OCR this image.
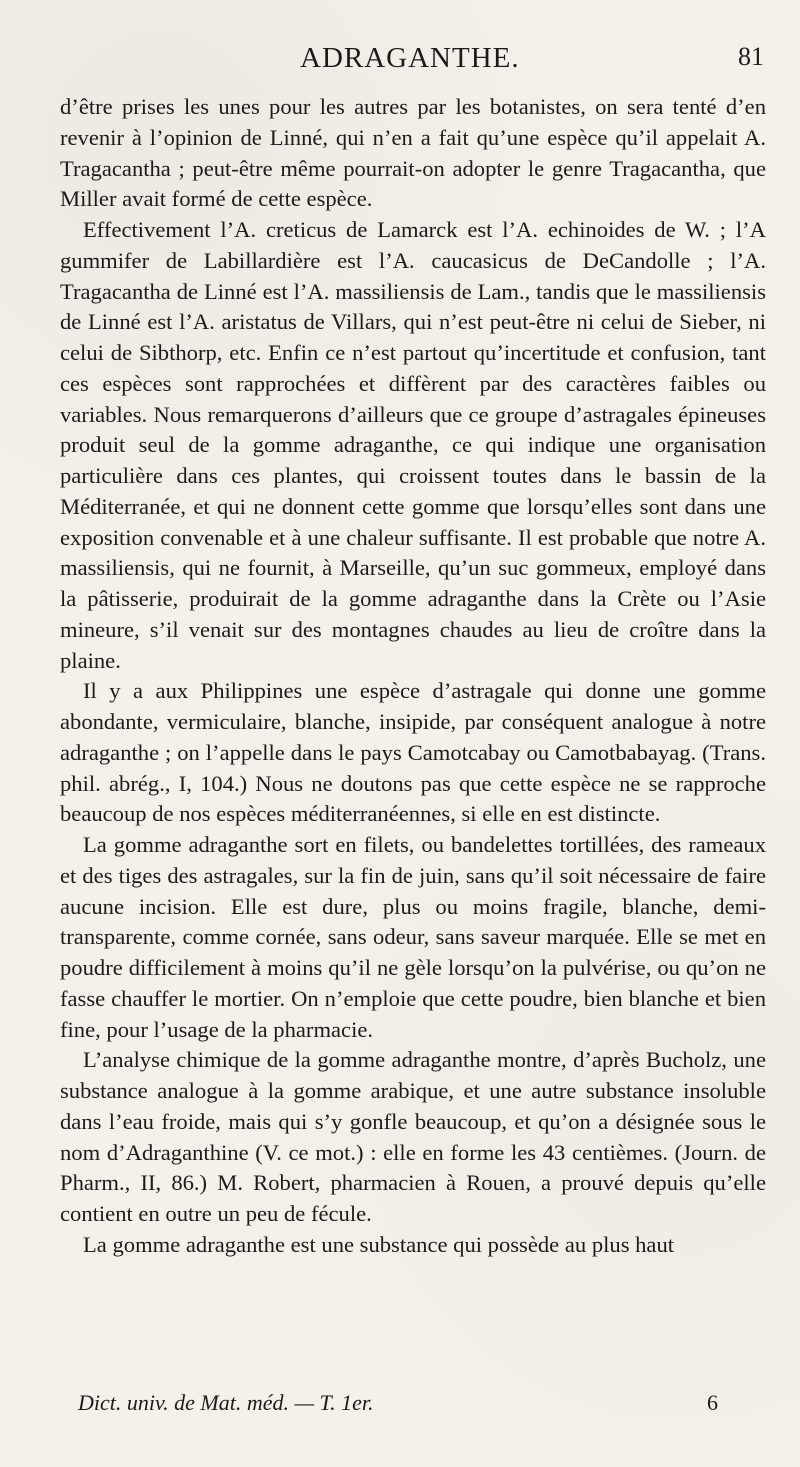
ADRAGANTHE.	81

d’être prises les unes pour les autres par les botanistes, on sera tenté d’en revenir à l’opinion de Linné, qui n’en a fait qu’une espèce qu’il appelait A. Tragacantha ; peut-être même pourrait-on adopter le genre Tragacantha, que Miller avait formé de cette espèce.

Effectivement l’A. creticus de Lamarck est l’A. echinoides de W. ; l’A gummifer de Labillardière est l’A. caucasicus de DeCandolle ; l’A. Tragacantha de Linné est l’A. massiliensis de Lam., tandis que le massiliensis de Linné est l’A. aristatus de Villars, qui n’est peut-être ni celui de Sieber, ni celui de Sibthorp, etc. Enfin ce n’est partout qu’incertitude et confusion, tant ces espèces sont rapprochées et diffèrent par des caractères faibles ou variables. Nous remarquerons d’ailleurs que ce groupe d’astragales épineuses produit seul de la gomme adraganthe, ce qui indique une organisation particulière dans ces plantes, qui croissent toutes dans le bassin de la Méditerranée, et qui ne donnent cette gomme que lorsqu’elles sont dans une exposition convenable et à une chaleur suffisante. Il est probable que notre A. massiliensis, qui ne fournit, à Marseille, qu’un suc gommeux, employé dans la pâtisserie, produirait de la gomme adraganthe dans la Crète ou l’Asie mineure, s’il venait sur des montagnes chaudes au lieu de croître dans la plaine.

Il y a aux Philippines une espèce d’astragale qui donne une gomme abondante, vermiculaire, blanche, insipide, par conséquent analogue à notre adraganthe ; on l’appelle dans le pays Camotcabay ou Camotbabayag. (Trans. phil. abrég., I, 104.) Nous ne doutons pas que cette espèce ne se rapproche beaucoup de nos espèces méditerranéennes, si elle en est distincte.

La gomme adraganthe sort en filets, ou bandelettes tortillées, des rameaux et des tiges des astragales, sur la fin de juin, sans qu’il soit nécessaire de faire aucune incision. Elle est dure, plus ou moins fragile, blanche, demi-transparente, comme cornée, sans odeur, sans saveur marquée. Elle se met en poudre difficilement à moins qu’il ne gèle lorsqu’on la pulvérise, ou qu’on ne fasse chauffer le mortier. On n’emploie que cette poudre, bien blanche et bien fine, pour l’usage de la pharmacie.

L’analyse chimique de la gomme adraganthe montre, d’après Bucholz, une substance analogue à la gomme arabique, et une autre substance insoluble dans l’eau froide, mais qui s’y gonfle beaucoup, et qu’on a désignée sous le nom d’Adraganthine (V. ce mot.) : elle en forme les 43 centièmes. (Journ. de Pharm., II, 86.) M. Robert, pharmacien à Rouen, a prouvé depuis qu’elle contient en outre un peu de fécule.

La gomme adraganthe est une substance qui possède au plus haut

Dict. univ. de Mat. méd. — T. 1er.	6
